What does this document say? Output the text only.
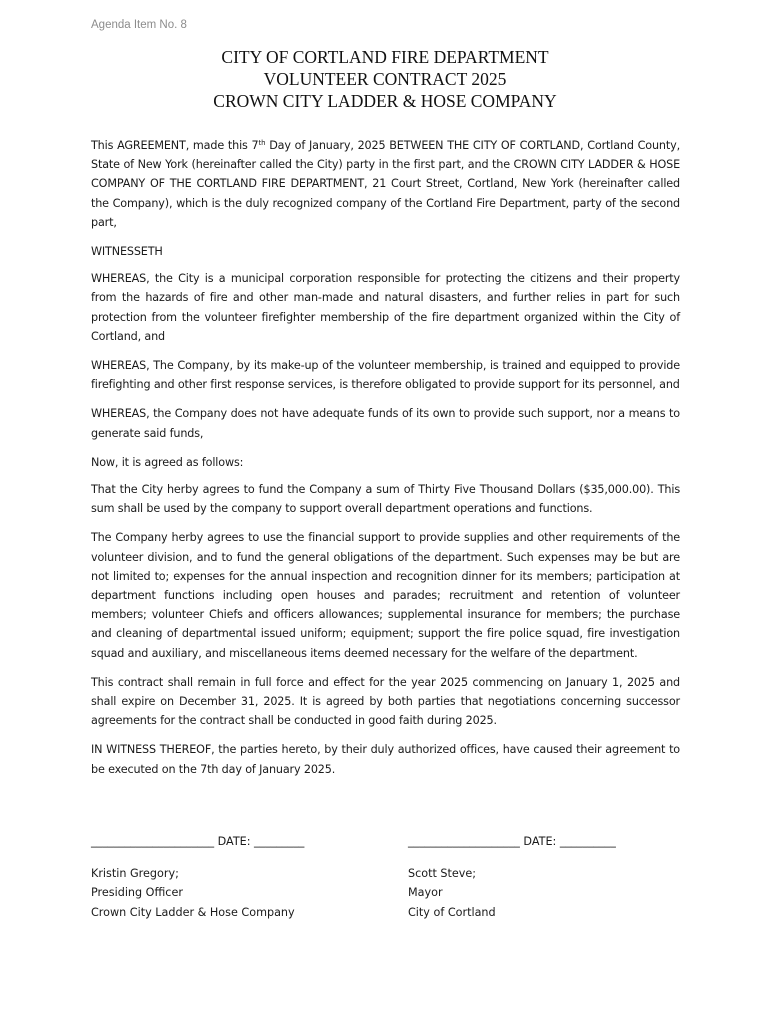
Agenda Item No. 8
CITY OF CORTLAND FIRE DEPARTMENT
VOLUNTEER CONTRACT 2025
CROWN CITY LADDER & HOSE COMPANY

This AGREEMENT, made this 7th Day of January, 2025 BETWEEN THE CITY OF CORTLAND, Cortland County, State of New York (hereinafter called the City) party in the first part, and the CROWN CITY LADDER & HOSE COMPANY OF THE CORTLAND FIRE DEPARTMENT, 21 Court Street, Cortland, New York (hereinafter called the Company), which is the duly recognized company of the Cortland Fire Department, party of the second part,

WITNESSETH

WHEREAS, the City is a municipal corporation responsible for protecting the citizens and their property from the hazards of fire and other man-made and natural disasters, and further relies in part for such protection from the volunteer firefighter membership of the fire department organized within the City of Cortland, and

WHEREAS, The Company, by its make-up of the volunteer membership, is trained and equipped to provide firefighting and other first response services, is therefore obligated to provide support for its personnel, and

WHEREAS, the Company does not have adequate funds of its own to provide such support, nor a means to generate said funds,

Now, it is agreed as follows:

That the City herby agrees to fund the Company a sum of Thirty Five Thousand Dollars ($35,000.00). This sum shall be used by the company to support overall department operations and functions.

The Company herby agrees to use the financial support to provide supplies and other requirements of the volunteer division, and to fund the general obligations of the department. Such expenses may be but are not limited to; expenses for the annual inspection and recognition dinner for its members; participation at department functions including open houses and parades; recruitment and retention of volunteer members; volunteer Chiefs and officers allowances; supplemental insurance for members; the purchase and cleaning of departmental issued uniform; equipment; support the fire police squad, fire investigation squad and auxiliary, and miscellaneous items deemed necessary for the welfare of the department.

This contract shall remain in full force and effect for the year 2025 commencing on January 1, 2025 and shall expire on December 31, 2025. It is agreed by both parties that negotiations concerning successor agreements for the contract shall be conducted in good faith during 2025.

IN WITNESS THEREOF, the parties hereto, by their duly authorized offices, have caused their agreement to be executed on the 7th day of January 2025.

______________________ DATE: _________
Kristin Gregory;
Presiding Officer
Crown City Ladder & Hose Company
____________________ DATE: __________
Scott Steve;
Mayor
City of Cortland
